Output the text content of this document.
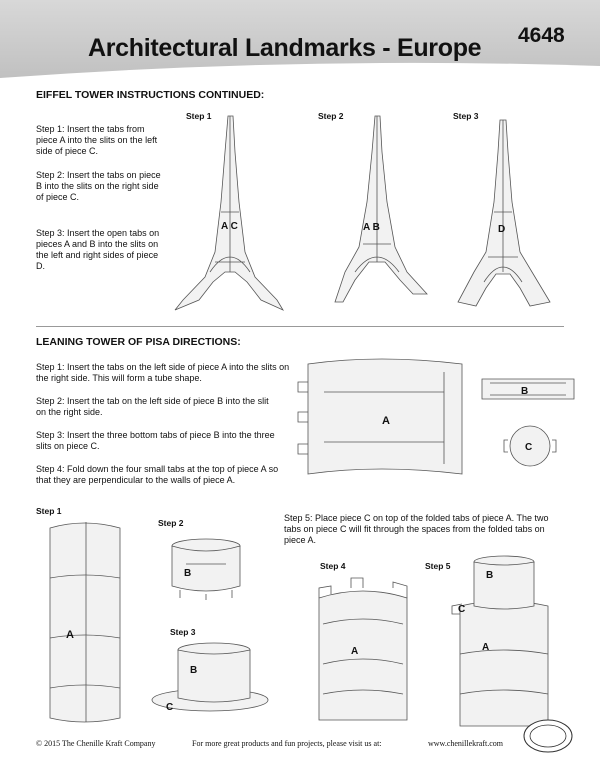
Architectural Landmarks - Europe 4648
EIFFEL TOWER INSTRUCTIONS CONTINUED:
Step 1	Step 2	Step 3
Step 1: Insert the tabs from piece A into the slits on the left side of piece C.
Step 2: Insert the tabs on piece B into the slits on the right side of piece C.
Step 3: Insert the open tabs on pieces A and B into the slits on the left and right sides of piece D.
A C	A B	D
LEANING TOWER OF PISA DIRECTIONS:
Step 1: Insert the tabs on the left side of piece A into the slits on the right side. This will form a tube shape.
Step 2: Insert the tab on the left side of piece B into the slit on the right side.
Step 3: Insert the three bottom tabs of piece B into the three slits on piece C.
Step 4: Fold down the four small tabs at the top of piece A so that they are perpendicular to the walls of piece A.
A
B
C
Step 1
Step 2
Step 3
Step 4	Step 5
Step 5: Place piece C on top of the folded tabs of piece A. The two tabs on piece C will fit through the spaces from the folded tabs on piece A.
A
B
B
C
A
B
C
A
© 2015 The Chenille Kraft Company	For more great products and fun projects, please visit us at:	www.chenillekraft.com
